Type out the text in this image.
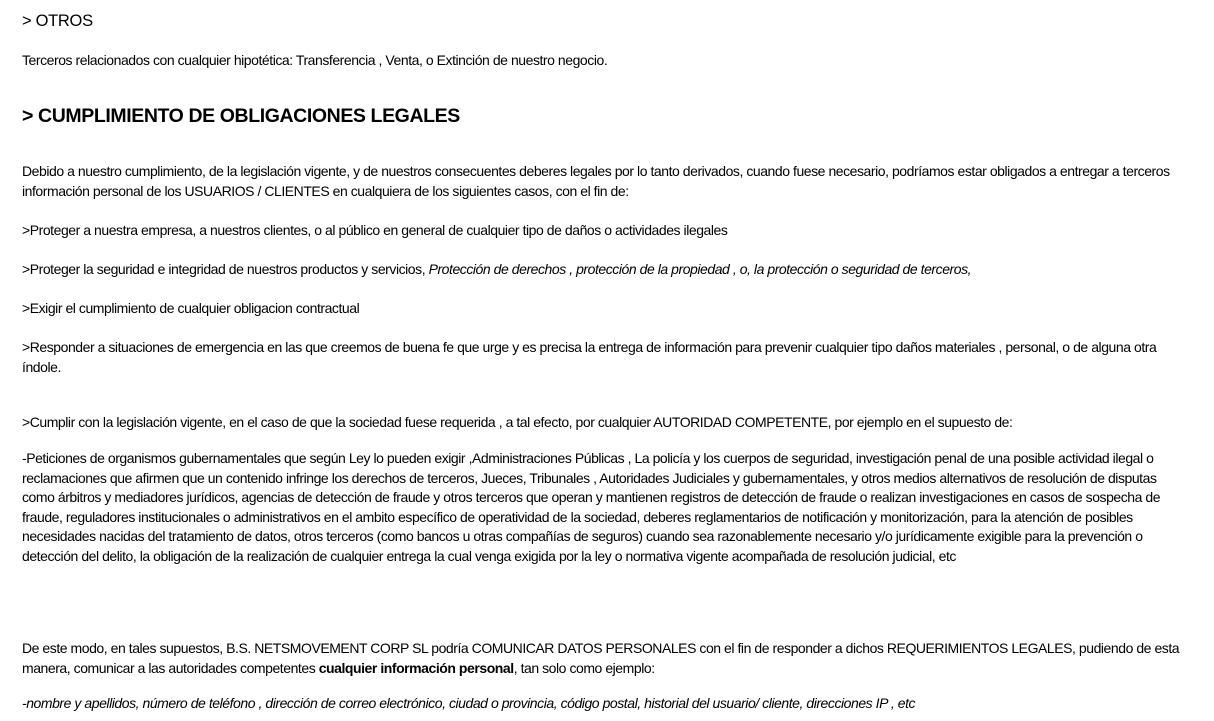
> OTROS
Terceros relacionados con cualquier hipotética: Transferencia , Venta, o Extinción de nuestro negocio.
> CUMPLIMIENTO DE OBLIGACIONES LEGALES
Debido a nuestro cumplimiento, de la legislación vigente, y de nuestros consecuentes deberes legales por lo tanto derivados, cuando fuese necesario, podríamos estar obligados a entregar a terceros información personal de los USUARIOS / CLIENTES en cualquiera de los siguientes casos, con el fin de:
>Proteger a nuestra empresa, a nuestros clientes, o al público en general de cualquier tipo de daños o actividades ilegales
>Proteger la seguridad e integridad de nuestros productos y servicios, Protección de derechos , protección de la propiedad , o, la protección o seguridad de terceros,
>Exigir el cumplimiento de cualquier obligacion contractual
>Responder a situaciones de emergencia en las que creemos de buena fe que urge y es precisa la entrega de información para prevenir cualquier tipo daños materiales , personal, o de alguna otra índole.
>Cumplir con la legislación vigente, en el caso de que la sociedad fuese requerida , a tal efecto, por cualquier AUTORIDAD COMPETENTE, por ejemplo en el supuesto de:
-Peticiones de organismos gubernamentales que según Ley lo pueden exigir ,Administraciones Públicas , La policía y los cuerpos de seguridad, investigación penal de una posible actividad ilegal o reclamaciones que afirmen que un contenido infringe los derechos de terceros, Jueces, Tribunales , Autoridades Judiciales y gubernamentales, y otros medios alternativos de resolución de disputas como árbitros y mediadores jurídicos, agencias de detección de fraude y otros terceros que operan y mantienen registros de detección de fraude o realizan investigaciones en casos de sospecha de fraude, reguladores institucionales o administrativos en el ambito específico de operatividad de la sociedad, deberes reglamentarios de notificación y monitorización, para la atención de posibles necesidades nacidas del tratamiento de datos, otros terceros (como bancos u otras compañías de seguros) cuando sea razonablemente necesario y/o jurídicamente exigible para la prevención o detección del delito, la obligación de la realización de cualquier entrega la cual venga exigida por la ley o normativa vigente acompañada de resolución judicial, etc
De este modo, en tales supuestos, B.S. NETSMOVEMENT CORP SL podría COMUNICAR DATOS PERSONALES con el fin de responder a dichos REQUERIMIENTOS LEGALES, pudiendo de esta manera, comunicar a las autoridades competentes cualquier información personal, tan solo como ejemplo:
-nombre y apellidos, número de teléfono , dirección de correo electrónico, ciudad o provincia, código postal, historial del usuario/ cliente, direcciones IP , etc
